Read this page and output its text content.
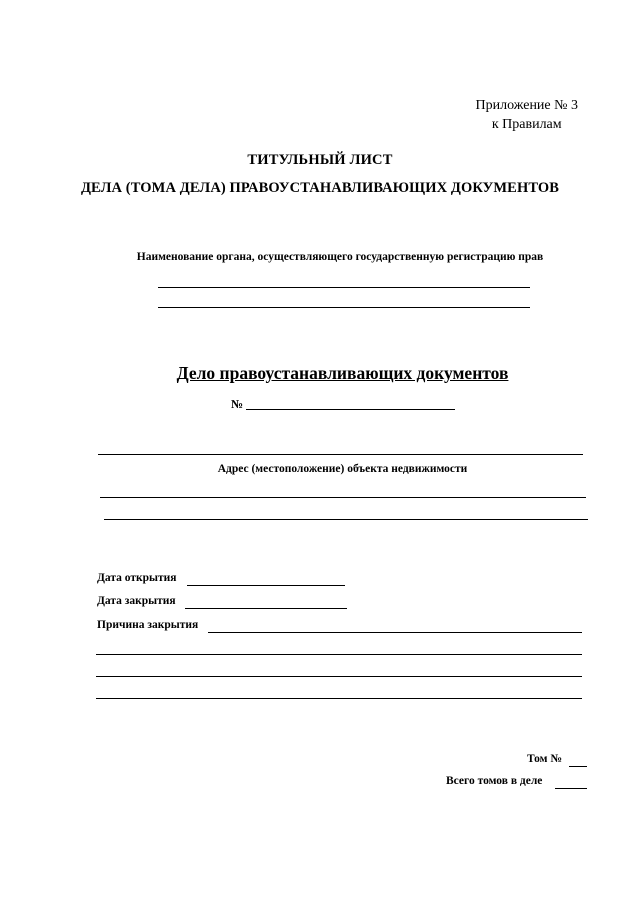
Приложение № 3
к Правилам
ТИТУЛЬНЫЙ ЛИСТ
ДЕЛА (ТОМА ДЕЛА) ПРАВОУСТАНАВЛИВАЮЩИХ ДОКУМЕНТОВ
Наименование органа, осуществляющего государственную регистрацию прав
Дело правоустанавливающих документов
№
Адрес (местоположение) объекта недвижимости
Дата открытия
Дата закрытия
Причина закрытия
Том №
Всего томов в деле
